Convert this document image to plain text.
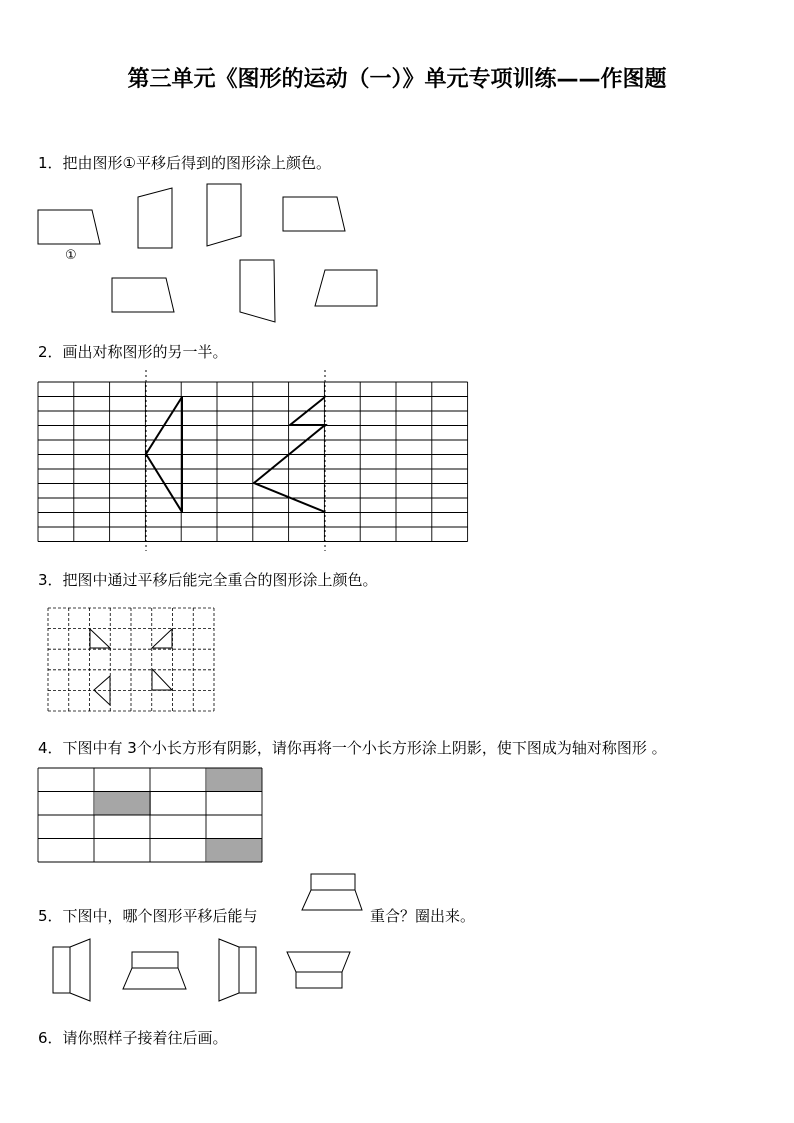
第三单元《图形的运动（一）》单元专项训练——作图题
1．把由图形①平移后得到的图形涂上颜色。
①
2．画出对称图形的另一半。
3．把图中通过平移后能完全重合的图形涂上颜色。
4．下图中有 3个小长方形有阴影，请你再将一个小长方形涂上阴影，使下图成为轴对称图形 。
5．下图中，哪个图形平移后能与	重合？圈出来。
6．请你照样子接着往后画。
